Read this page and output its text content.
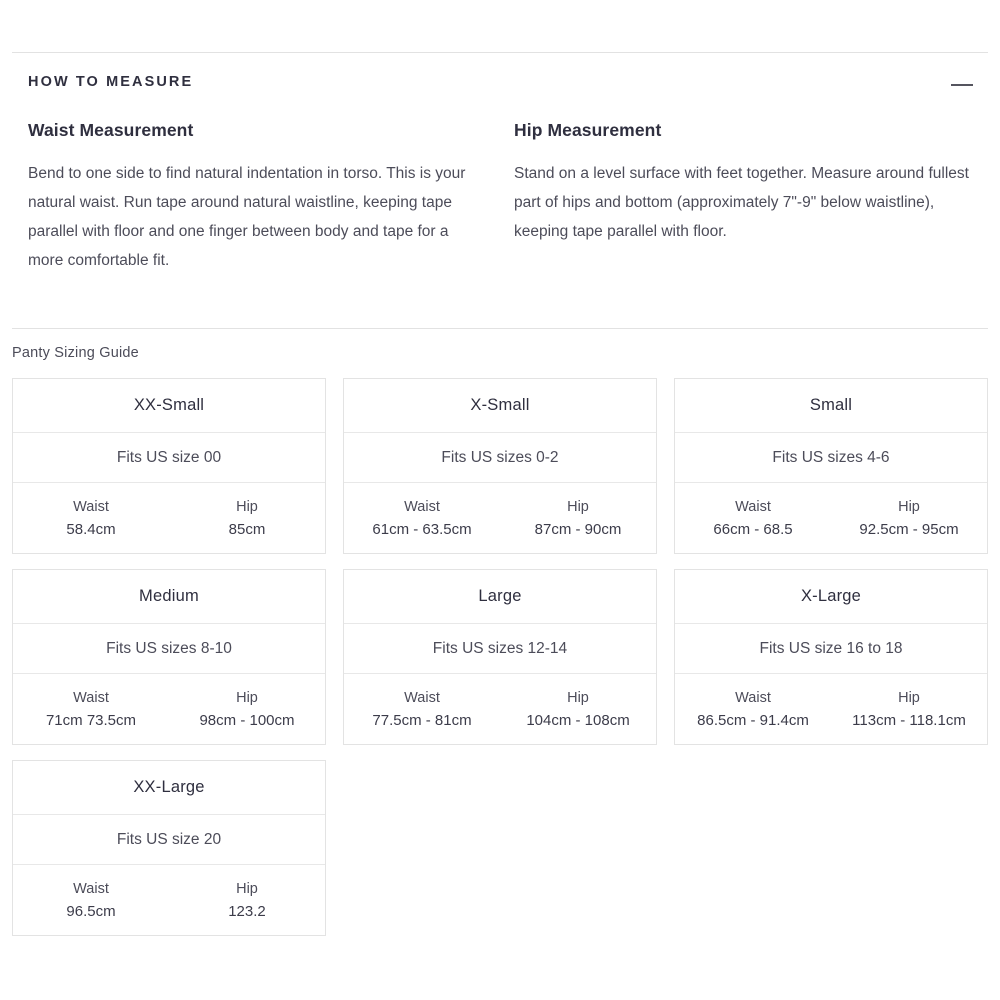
HOW TO MEASURE
Waist Measurement

Bend to one side to find natural indentation in torso. This is your natural waist. Run tape around natural waistline, keeping tape parallel with floor and one finger between body and tape for a more comfortable fit.

Hip Measurement

Stand on a level surface with feet together. Measure around fullest part of hips and bottom (approximately 7"-9" below waistline), keeping tape parallel with floor.

Panty Sizing Guide
XX-Small
Fits US size 00
Waist
58.4cm
Hip
85cm
X-Small
Fits US sizes 0-2
Waist
61cm - 63.5cm
Hip
87cm - 90cm
Small
Fits US sizes 4-6
Waist
66cm - 68.5
Hip
92.5cm - 95cm
Medium
Fits US sizes 8-10
Waist
71cm 73.5cm
Hip
98cm - 100cm
Large
Fits US sizes 12-14
Waist
77.5cm - 81cm
Hip
104cm - 108cm
X-Large
Fits US size 16 to 18
Waist
86.5cm - 91.4cm
Hip
113cm - 118.1cm
XX-Large
Fits US size 20
Waist
96.5cm
Hip
123.2
